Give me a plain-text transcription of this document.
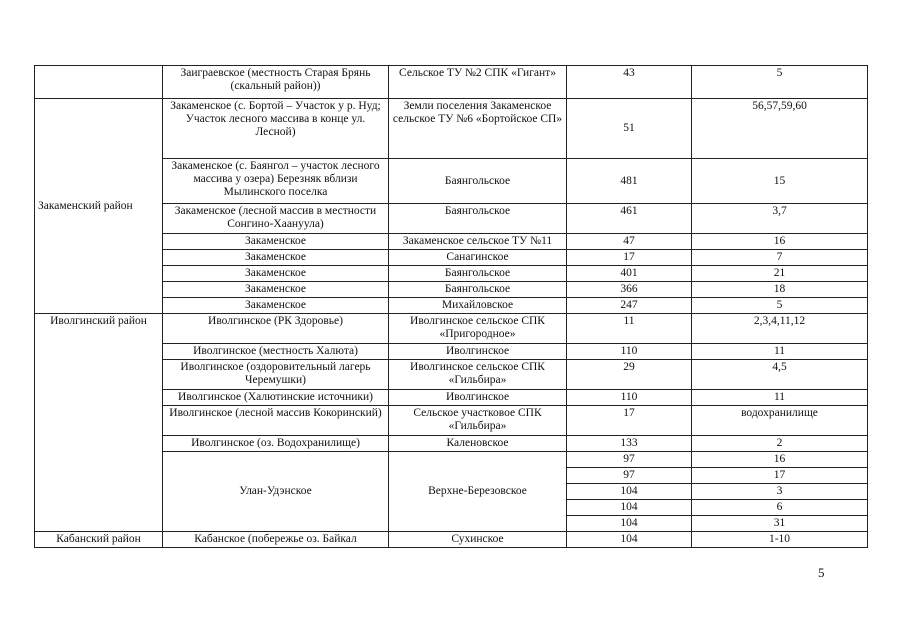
	Заиграевское (местность Старая Брянь (скальный район))	Сельское ТУ №2 СПК «Гигант»	43	5
Закаменский район	Закаменское (с. Бортой – Участок у р. Нуд; Участок лесного массива в конце ул. Лесной)	Земли поселения Закаменское сельское ТУ №6 «Бортойское СП»	51	56,57,59,60
	Закаменское (с. Баянгол – участок лесного массива у озера) Березняк вблизи Мылинского поселка	Баянгольское	481	15
	Закаменское (лесной массив в местности Сонгино-Хаануула)	Баянгольское	461	3,7
	Закаменское	Закаменское сельское ТУ №11	47	16
	Закаменское	Санагинское	17	7
	Закаменское	Баянгольское	401	21
	Закаменское	Баянгольское	366	18
	Закаменское	Михайловское	247	5
Иволгинский район	Иволгинское (РК Здоровье)	Иволгинское сельское СПК «Пригородное»	11	2,3,4,11,12
	Иволгинское (местность Халюта)	Иволгинское	110	11
	Иволгинское (оздоровительный лагерь Черемушки)	Иволгинское сельское СПК «Гильбира»	29	4,5
	Иволгинское (Халютинские источники)	Иволгинское	110	11
	Иволгинское (лесной массив Кокоринский)	Сельское участковое СПК «Гильбира»	17	водохранилище
	Иволгинское (оз. Водохранилище)	Каленовское	133	2
	Улан-Удэнское	Верхне-Березовское	97	16
			97	17
			104	3
			104	6
			104	31
Кабанский район	Кабанское (побережье оз. Байкал	Сухинское	104	1-10
5
